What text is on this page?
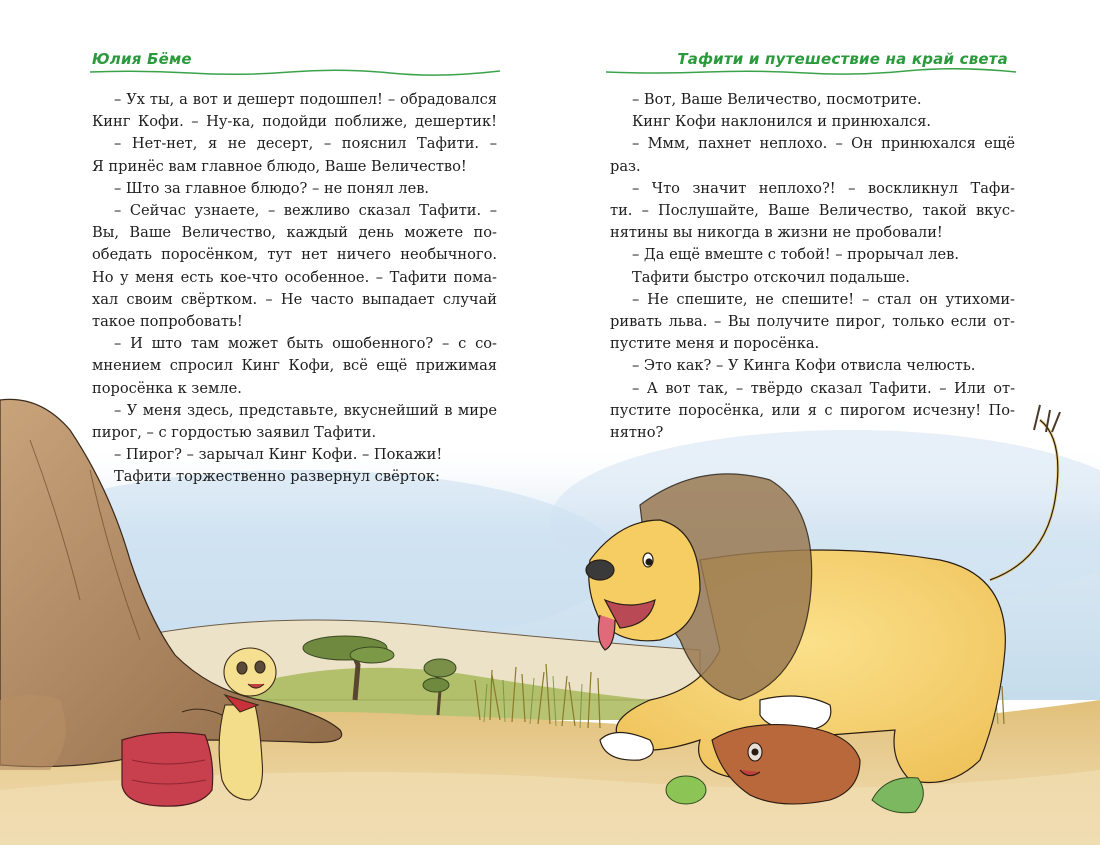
Юлия Бёме
– Ух ты, а вот и дешерт подошпел! – обрадовался
Кинг Кофи. – Ну-ка, подойди поближе, дешертик!
– Нет-нет, я не десерт, – пояснил Тафити. –
Я принёс вам главное блюдо, Ваше Величество!
– Што за главное блюдо? – не понял лев.
– Сейчас узнаете, – вежливо сказал Тафити. –
Вы, Ваше Величество, каждый день можете по-
обедать поросёнком, тут нет ничего необычного.
Но у меня есть кое-что особенное. – Тафити пома-
хал своим свёртком. – Не часто выпадает случай
такое попробовать!
– И што там может быть ошобенного? – с со-
мнением спросил Кинг Кофи, всё ещё прижимая
поросёнка к земле.
– У меня здесь, представьте, вкуснейший в мире
пирог, – с гордостью заявил Тафити.
– Пирог? – зарычал Кинг Кофи. – Покажи!
Тафити торжественно развернул свёрток:
Тафити и путешествие на край света
– Вот, Ваше Величество, посмотрите.
Кинг Кофи наклонился и принюхался.
– Ммм, пахнет неплохо. – Он принюхался ещё
раз.
– Что значит неплохо?! – воскликнул Тафи-
ти. – Послушайте, Ваше Величество, такой вкус-
нятины вы никогда в жизни не пробовали!
– Да ещё вмеште с тобой! – прорычал лев.
Тафити быстро отскочил подальше.
– Не спешите, не спешите! – стал он утихоми-
ривать льва. – Вы получите пирог, только если от-
пустите меня и поросёнка.
– Это как? – У Кинга Кофи отвисла челюсть.
– А вот так, – твёрдо сказал Тафити. – Или от-
пустите поросёнка, или я с пирогом исчезну! По-
нятно?
